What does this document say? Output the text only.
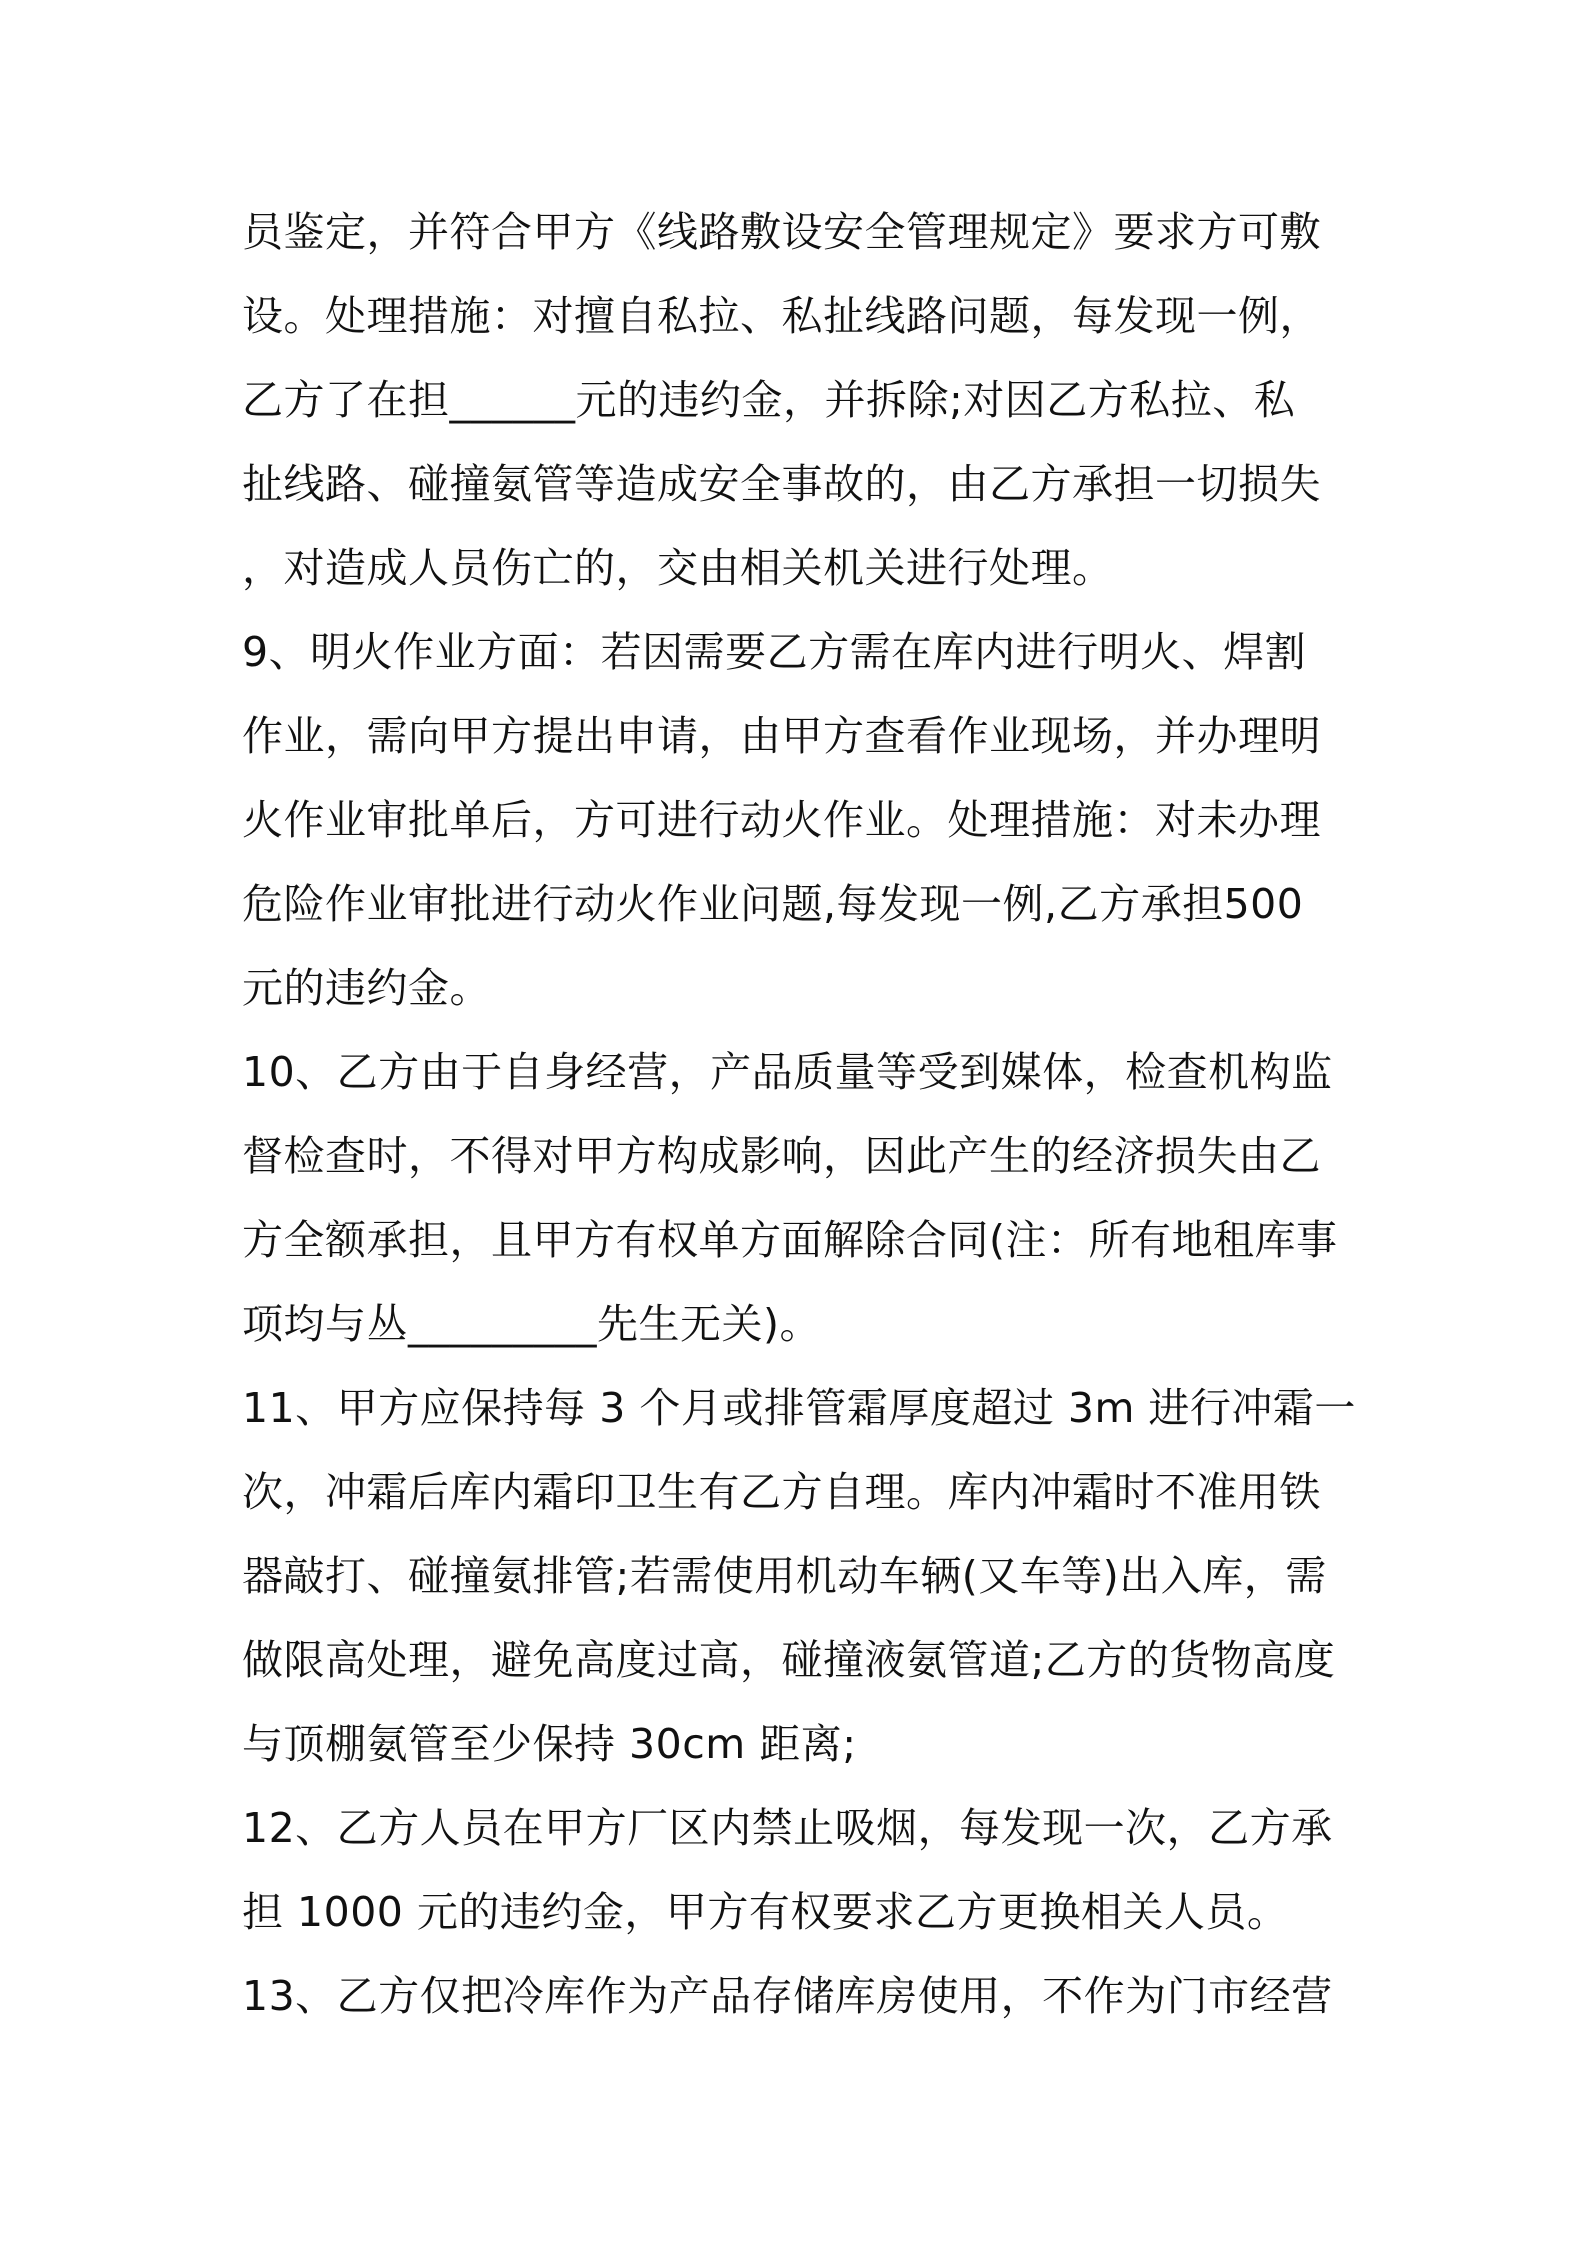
员鉴定，并符合甲方《线路敷设安全管理规定》要求方可敷
设。处理措施：对擅自私拉、私扯线路问题，每发现一例，
乙方了在担______元的违约金，并拆除;对因乙方私拉、私
扯线路、碰撞氨管等造成安全事故的，由乙方承担一切损失
，对造成人员伤亡的，交由相关机关进行处理。
9、明火作业方面：若因需要乙方需在库内进行明火、焊割
作业，需向甲方提出申请，由甲方查看作业现场，并办理明
火作业审批单后，方可进行动火作业。处理措施：对未办理
危险作业审批进行动火作业问题,每发现一例,乙方承担500
元的违约金。
10、乙方由于自身经营，产品质量等受到媒体，检查机构监
督检查时，不得对甲方构成影响，因此产生的经济损失由乙
方全额承担，且甲方有权单方面解除合同(注：所有地租库事
项均与丛_________先生无关)。
11、甲方应保持每 3 个月或排管霜厚度超过 3m 进行冲霜一
次，冲霜后库内霜印卫生有乙方自理。库内冲霜时不准用铁
器敲打、碰撞氨排管;若需使用机动车辆(又车等)出入库，需
做限高处理，避免高度过高，碰撞液氨管道;乙方的货物高度
与顶棚氨管至少保持 30cm 距离;
12、乙方人员在甲方厂区内禁止吸烟，每发现一次，乙方承
担 1000 元的违约金，甲方有权要求乙方更换相关人员。
13、乙方仅把冷库作为产品存储库房使用，不作为门市经营
